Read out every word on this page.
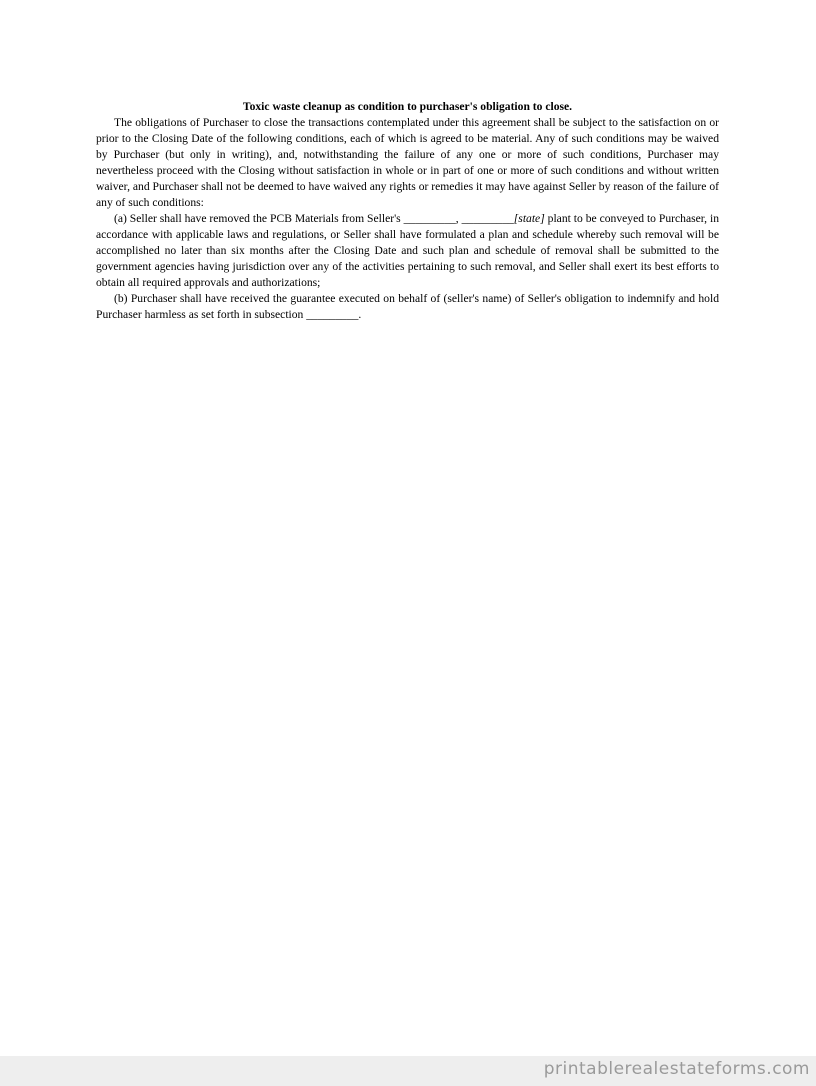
Toxic waste cleanup as condition to purchaser's obligation to close.

The obligations of Purchaser to close the transactions contemplated under this agreement shall be subject to the satisfaction on or prior to the Closing Date of the following conditions, each of which is agreed to be material. Any of such conditions may be waived by Purchaser (but only in writing), and, notwithstanding the failure of any one or more of such conditions, Purchaser may nevertheless proceed with the Closing without satisfaction in whole or in part of one or more of such conditions and without written waiver, and Purchaser shall not be deemed to have waived any rights or remedies it may have against Seller by reason of the failure of any of such conditions:

(a) Seller shall have removed the PCB Materials from Seller's _________, _________[state] plant to be conveyed to Purchaser, in accordance with applicable laws and regulations, or Seller shall have formulated a plan and schedule whereby such removal will be accomplished no later than six months after the Closing Date and such plan and schedule of removal shall be submitted to the government agencies having jurisdiction over any of the activities pertaining to such removal, and Seller shall exert its best efforts to obtain all required approvals and authorizations;

(b) Purchaser shall have received the guarantee executed on behalf of (seller's name) of Seller's obligation to indemnify and hold Purchaser harmless as set forth in subsection _________.

printablerealestateforms.com
